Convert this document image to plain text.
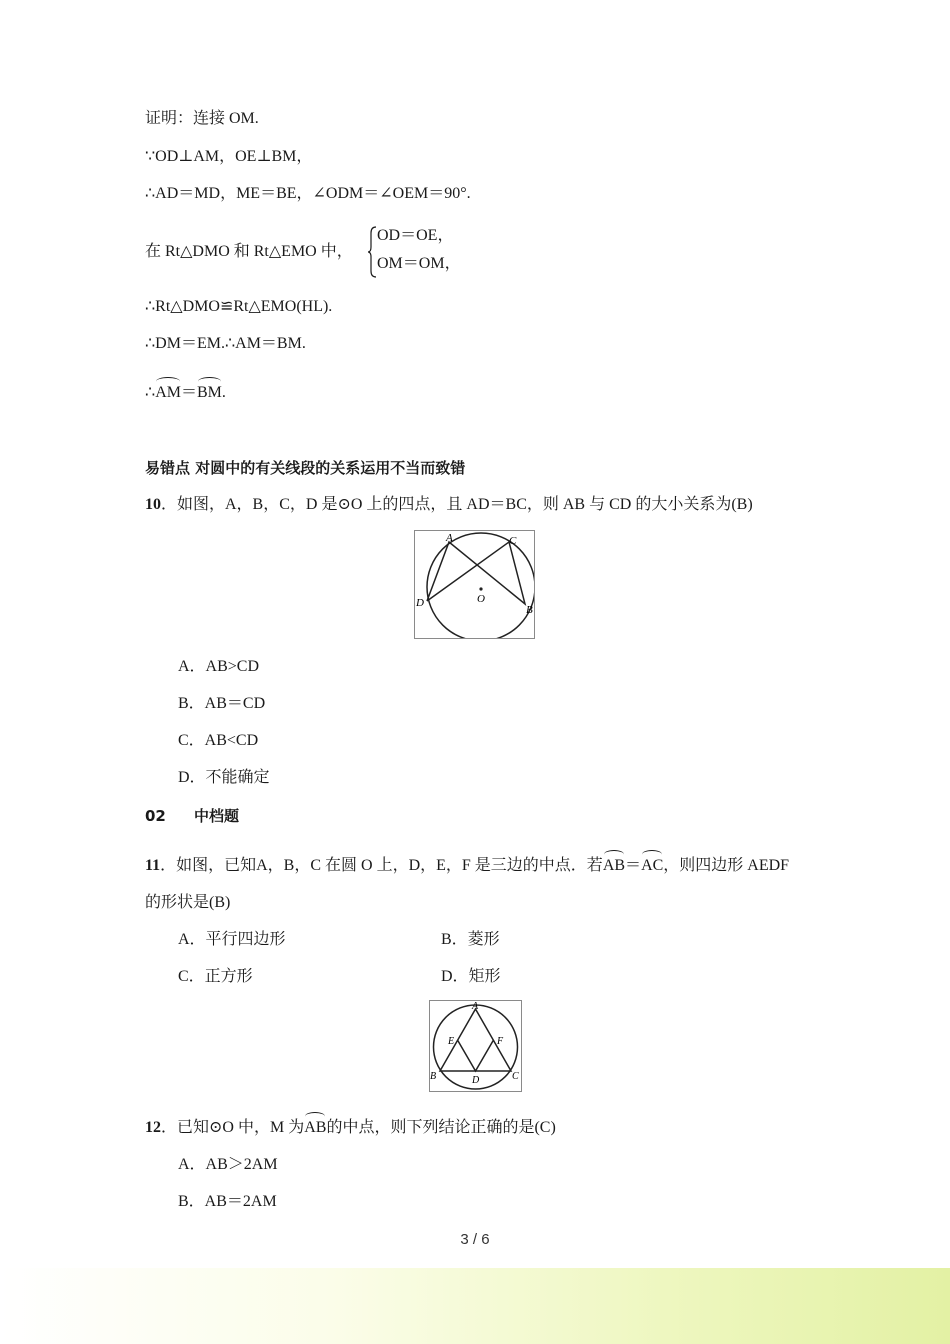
证明：连接 OM.
∵OD⊥AM，OE⊥BM，
∴AD＝MD，ME＝BE，∠ODM＝∠OEM＝90°.
在 Rt△DMO 和 Rt△EMO 中，
OD＝OE，
OM＝OM，
∴Rt△DMO≌Rt△EMO(HL).
∴DM＝EM.∴AM＝BM.
∴AM＝BM.
易错点 对圆中的有关线段的关系运用不当而致错
10．如图，A，B，C，D 是⊙O 上的四点，且 AD＝BC，则 AB 与 CD 的大小关系为(B)
A	C
D
B
O
A．AB>CD
B．AB＝CD
C．AB<CD
D．不能确定
02 中档题
11．如图，已知A，B，C 在圆 O 上，D，E，F 是三边的中点．若AB＝AC，则四边形 AEDF
的形状是(B)
A．平行四边形	B．菱形
C．正方形	D．矩形
A
E	F
B	D	C
12．已知⊙O 中，M 为AB的中点，则下列结论正确的是(C)
A．AB＞2AM
B．AB＝2AM
3 / 6
